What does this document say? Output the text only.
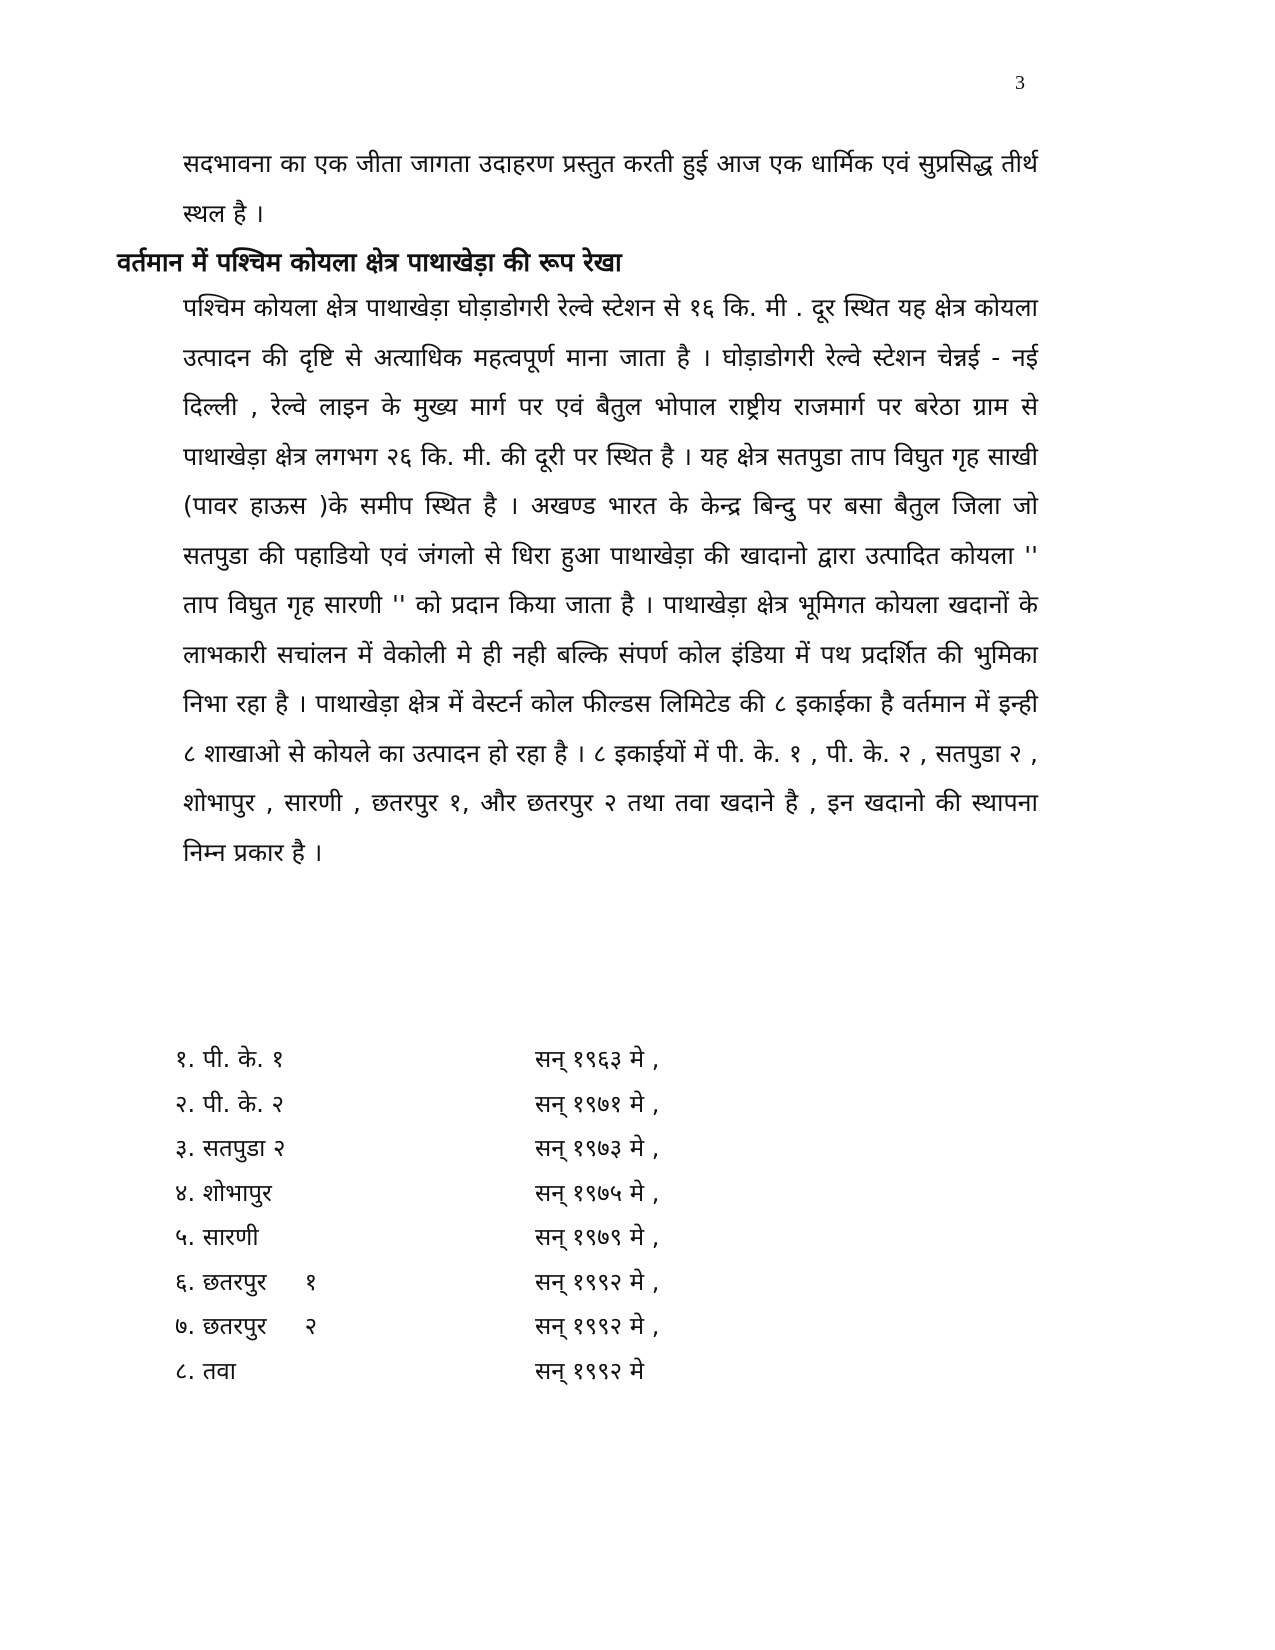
3

सदभावना का एक जीता जागता उदाहरण प्रस्तुत करती हुई आज एक धार्मिक एवं सुप्रसिद्ध तीर्थ स्थल है ।

वर्तमान में पश्चिम कोयला क्षेत्र पाथाखेड़ा की रूप रेखा

पश्चिम कोयला क्षेत्र पाथाखेड़ा घोड़ाडोगरी रेल्वे स्टेशन से १६ कि. मी . दूर स्थित यह क्षेत्र कोयला उत्पादन की दृष्टि से अत्याधिक महत्वपूर्ण माना जाता है । घोड़ाडोगरी रेल्वे स्टेशन चेन्नई - नई दिल्ली , रेल्वे लाइन के मुख्य मार्ग पर एवं बैतुल भोपाल राष्ट्रीय राजमार्ग पर बरेठा ग्राम से पाथाखेड़ा क्षेत्र लगभग २६ कि. मी. की दूरी पर स्थित है । यह क्षेत्र सतपुडा ताप विघुत गृह साखी (पावर हाऊस )के समीप स्थित है । अखण्ड भारत के केन्द्र बिन्दु पर बसा बैतुल जिला जो सतपुडा की पहाडियो एवं जंगलो से धिरा हुआ पाथाखेड़ा की खादानो द्वारा उत्पादित कोयला '' ताप विघुत गृह सारणी '' को प्रदान किया जाता है । पाथाखेड़ा क्षेत्र भूमिगत कोयला खदानों के लाभकारी सचांलन में वेकोली मे ही नही बल्कि संपर्ण कोल इंडिया में पथ प्रदर्शित की भुमिका निभा रहा है । पाथाखेड़ा क्षेत्र में वेस्टर्न कोल फील्डस लिमिटेड की ८ इकाईका है वर्तमान में इन्ही ८ शाखाओ से कोयले का उत्पादन हो रहा है । ८ इकाईयों में पी. के. १ , पी. के. २ , सतपुडा २ , शोभापुर , सारणी , छतरपुर १, और छतरपुर २ तथा तवा खदाने है , इन खदानो की स्थापना निम्न प्रकार है ।

१. पी. के. १	सन् १९६३ मे ,
२. पी. के. २	सन् १९७१ मे ,
३. सतपुडा २	सन् १९७३ मे ,
४. शोभापुर	सन् १९७५ मे ,
५. सारणी	सन् १९७९ मे ,
६. छतरपुर     १	सन् १९९२ मे ,
७. छतरपुर     २	सन् १९९२ मे ,
८. तवा	सन् १९९२ मे
